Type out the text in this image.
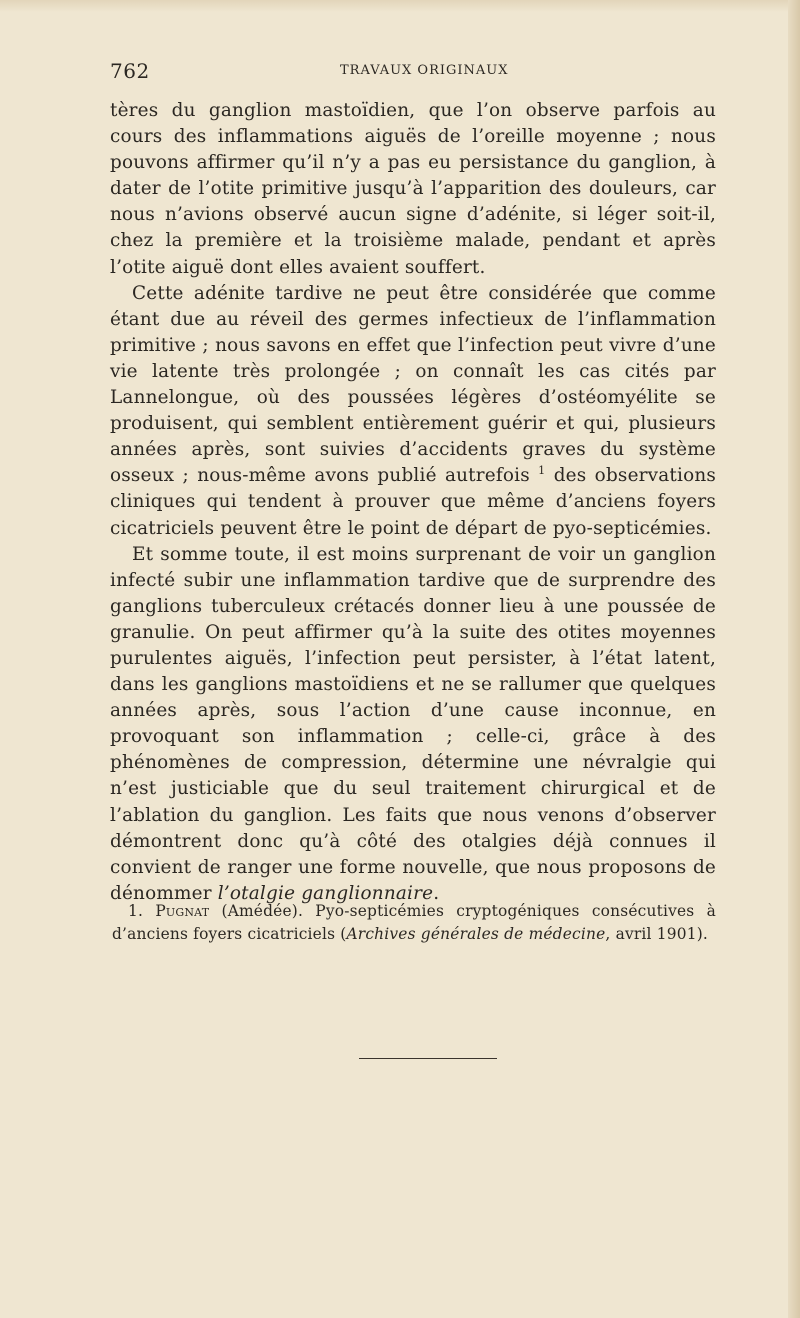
762	TRAVAUX ORIGINAUX

tères du ganglion mastoïdien, que l’on observe parfois au cours des inflammations aiguës de l’oreille moyenne ; nous pouvons affirmer qu’il n’y a pas eu persistance du ganglion, à dater de l’otite primitive jusqu’à l’apparition des douleurs, car nous n’avions observé aucun signe d’adénite, si léger soit-il, chez la première et la troisième malade, pendant et après l’otite aiguë dont elles avaient souffert.

Cette adénite tardive ne peut être considérée que comme étant due au réveil des germes infectieux de l’inflammation primitive ; nous savons en effet que l’infection peut vivre d’une vie latente très prolongée ; on connaît les cas cités par Lannelongue, où des poussées légères d’ostéomyélite se produisent, qui semblent entièrement guérir et qui, plusieurs années après, sont suivies d’accidents graves du système osseux ; nous-même avons publié autrefois $^1$ des observations cliniques qui tendent à prouver que même d’anciens foyers cicatriciels peuvent être le point de départ de pyo-septicémies.

Et somme toute, il est moins surprenant de voir un ganglion infecté subir une inflammation tardive que de surprendre des ganglions tuberculeux crétacés donner lieu à une poussée de granulie. On peut affirmer qu’à la suite des otites moyennes purulentes aiguës, l’infection peut persister, à l’état latent, dans les ganglions mastoïdiens et ne se rallumer que quelques années après, sous l’action d’une cause inconnue, en provoquant son inflammation ; celle-ci, grâce à des phénomènes de compression, détermine une névralgie qui n’est justiciable que du seul traitement chirurgical et de l’ablation du ganglion. Les faits que nous venons d’observer démontrent donc qu’à côté des otalgies déjà connues il convient de ranger une forme nouvelle, que nous proposons de dénommer l’otalgie ganglionnaire.

1. Pugnat (Amédée). Pyo-septicémies cryptogéniques consécutives à d’anciens foyers cicatriciels (Archives générales de médecine, avril 1901).
